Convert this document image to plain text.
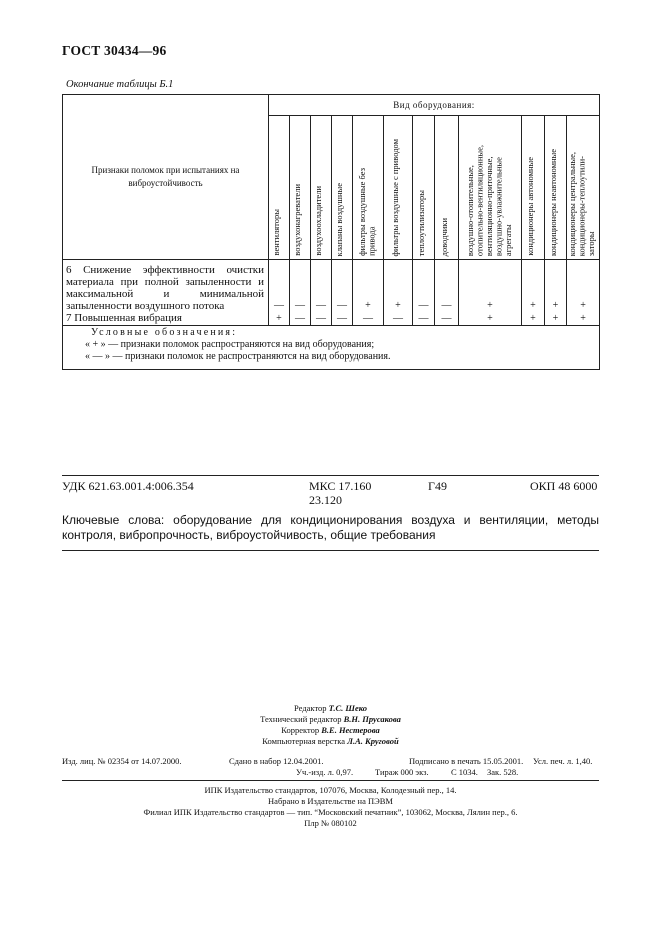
ГОСТ 30434—96
Окончание таблицы Б.1
Признаки поломок при испытаниях на виброустойчивость	Вид оборудования:											

	вентиляторы	воздухонагреватели	воздухоохладители	клапаны воздушные	фильтры воздушные без
привода	фильтры воздушные с приводом	теплоутилизаторы	доводчики	воздушно-отопительные,
отопительно-вентиляционные,
вентиляционно-приточные,
воздушно-увлажнительные
агрегаты	кондиционеры автономные	кондиционеры неавтономные	кондиционеры центральные,
кондиционеры-теплоутили-
заторы

6 Снижение эффективности очистки материала при полной запыленности и максимальной и минимальной запыленности воздушного потока	—	—	—	—	+	+	—	—	+	+	+	+
7 Повышенная вибрация	+	—	—	—	—	—	—	—	+	+	+	+

Условные обозначения:
« + » — признаки поломок распространяются на вид оборудования;
« — » — признаки поломок не распространяются на вид оборудования.												
УДК 621.63.001.4:006.354	МКС 17.160
23.120
Г49	ОКП 48 6000
Ключевые слова: оборудование для кондиционирования воздуха и вентиляции, методы контроля, вибропрочность, виброустойчивость, общие требования
Редактор Т.С. Шеко
Технический редактор В.Н. Прусакова
Корректор В.Е. Нестерова
Компьютерная верстка Л.А. Круговой
Изд. лиц. № 02354 от 14.07.2000.	Сдано в набор 12.04.2001.	Подписано в печать 15.05.2001. Усл. печ. л. 1,40.
Уч.-изд. л. 0,97.	Тираж 000 экз.	С 1034. Зак. 528.
ИПК Издательство стандартов, 107076, Москва, Колодезный пер., 14.
Набрано в Издательстве на ПЭВМ
Филиал ИПК Издательство стандартов — тип. “Московский печатник”, 103062, Москва, Лялин пер., 6.
Плр № 080102
